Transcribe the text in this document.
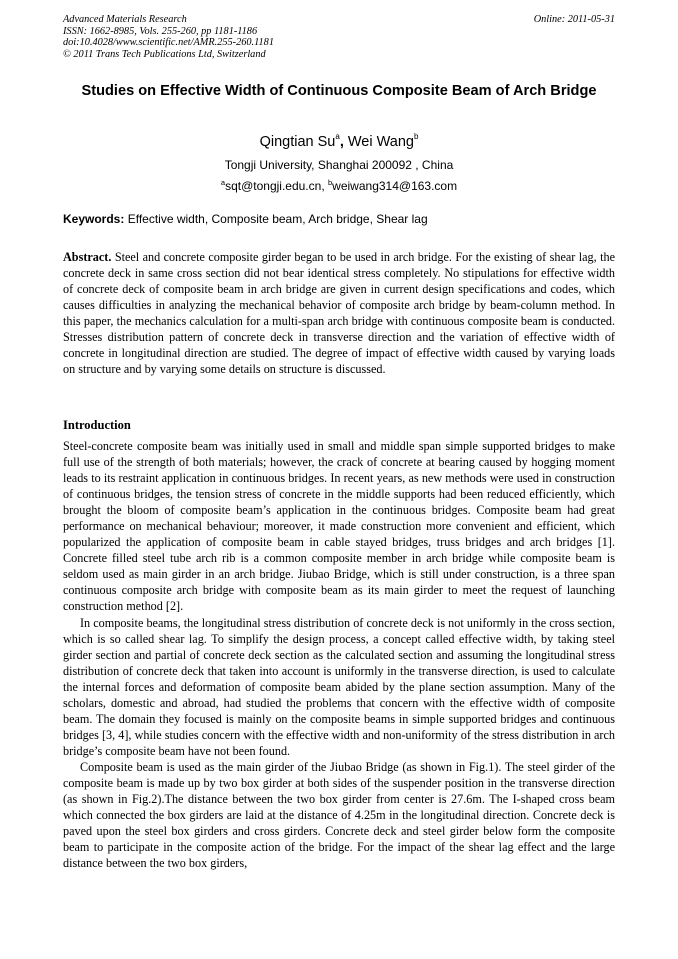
Advanced Materials Research
ISSN: 1662-8985, Vols. 255-260, pp 1181-1186
doi:10.4028/www.scientific.net/AMR.255-260.1181
© 2011 Trans Tech Publications Ltd, Switzerland
Online: 2011-05-31
Studies on Effective Width of Continuous Composite Beam of Arch Bridge
Qingtian Su$^a$, Wei Wang$^b$
Tongji University, Shanghai 200092 , China
$^a$sqt@tongji.edu.cn, $^b$weiwang314@163.com
Keywords: Effective width, Composite beam, Arch bridge, Shear lag

Abstract. Steel and concrete composite girder began to be used in arch bridge. For the existing of shear lag, the concrete deck in same cross section did not bear identical stress completely. No stipulations for effective width of concrete deck of composite beam in arch bridge are given in current design specifications and codes, which causes difficulties in analyzing the mechanical behavior of composite arch bridge by beam-column method. In this paper, the mechanics calculation for a multi-span arch bridge with continuous composite beam is conducted. Stresses distribution pattern of concrete deck in transverse direction and the variation of effective width of concrete in longitudinal direction are studied. The degree of impact of effective width caused by varying loads on structure and by varying some details on structure is discussed.

Introduction

Steel-concrete composite beam was initially used in small and middle span simple supported bridges to make full use of the strength of both materials; however, the crack of concrete at bearing caused by hogging moment leads to its restraint application in continuous bridges. In recent years, as new methods were used in construction of continuous bridges, the tension stress of concrete in the middle supports had been reduced efficiently, which brought the bloom of composite beam’s application in the continuous bridges. Composite beam had great performance on mechanical behaviour; moreover, it made construction more convenient and efficient, which popularized the application of composite beam in cable stayed bridges, truss bridges and arch bridges [1]. Concrete filled steel tube arch rib is a common composite member in arch bridge while composite beam is seldom used as main girder in an arch bridge. Jiubao Bridge, which is still under construction, is a three span continuous composite arch bridge with composite beam as its main girder to meet the request of launching construction method [2].

In composite beams, the longitudinal stress distribution of concrete deck is not uniformly in the cross section, which is so called shear lag. To simplify the design process, a concept called effective width, by taking steel girder section and partial of concrete deck section as the calculated section and assuming the longitudinal stress distribution of concrete deck that taken into account is uniformly in the transverse direction, is used to calculate the internal forces and deformation of composite beam abided by the plane section assumption. Many of the scholars, domestic and abroad, had studied the problems that concern with the effective width of composite beam. The domain they focused is mainly on the composite beams in simple supported bridges and continuous bridges [3, 4], while studies concern with the effective width and non-uniformity of the stress distribution in arch bridge’s composite beam have not been found.

Composite beam is used as the main girder of the Jiubao Bridge (as shown in Fig.1). The steel girder of the composite beam is made up by two box girder at both sides of the suspender position in the transverse direction (as shown in Fig.2).The distance between the two box girder from center is 27.6m. The I-shaped cross beam which connected the box girders are laid at the distance of 4.25m in the longitudinal direction. Concrete deck is paved upon the steel box girders and cross girders. Concrete deck and steel girder below form the composite beam to participate in the composite action of the bridge. For the impact of the shear lag effect and the large distance between the two box girders,
